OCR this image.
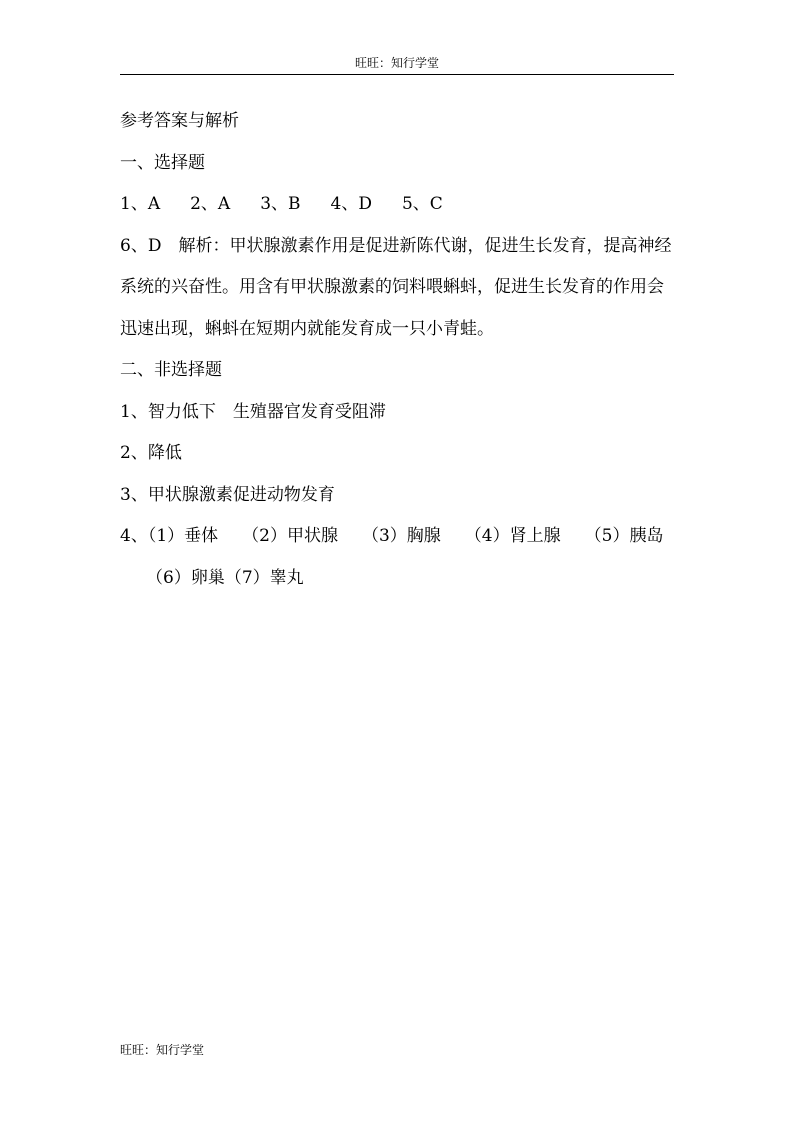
旺旺：知行学堂
参考答案与解析
一、选择题
1、A 2、A 3、B 4、D 5、C
6、D 解析：甲状腺激素作用是促进新陈代谢，促进生长发育，提高神经系统的兴奋性。用含有甲状腺激素的饲料喂蝌蚪，促进生长发育的作用会迅速出现，蝌蚪在短期内就能发育成一只小青蛙。
二、非选择题
1、智力低下 生殖器官发育受阻滞
2、降低
3、甲状腺激素促进动物发育
4、（1）垂体 （2）甲状腺 （3）胸腺 （4）肾上腺 （5）胰岛
（6）卵巢（7）睾丸
旺旺：知行学堂
